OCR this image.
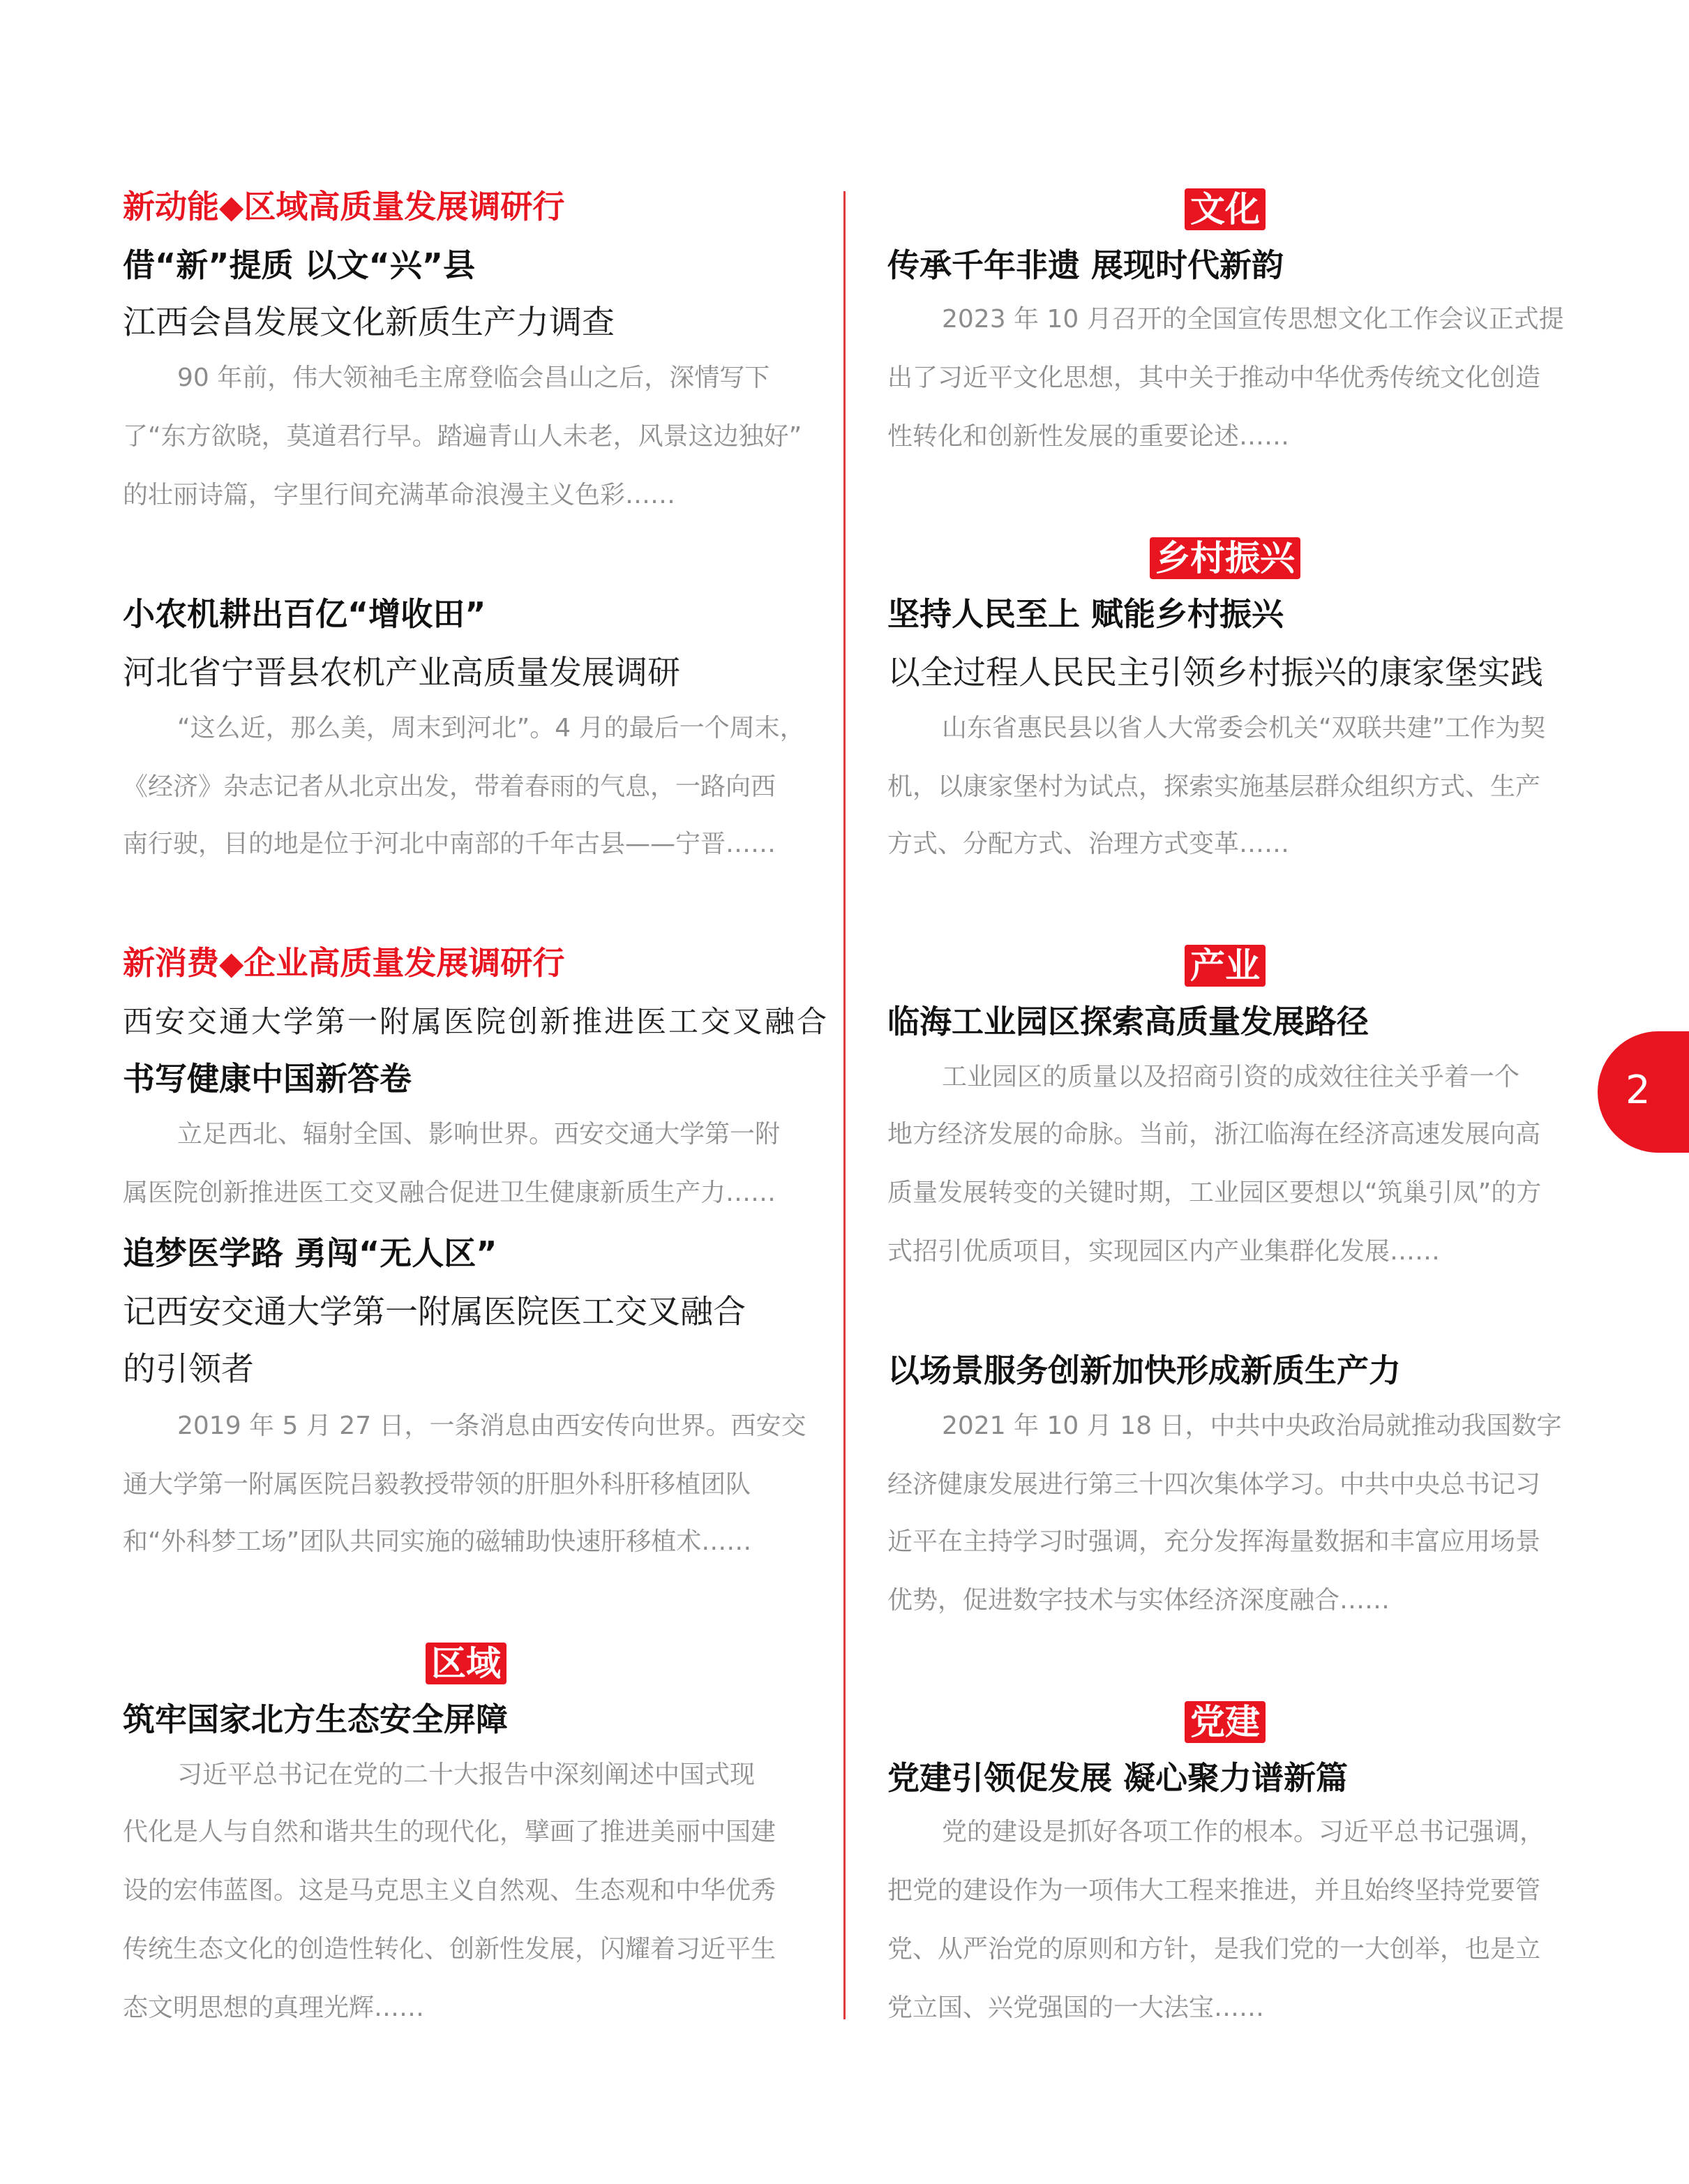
新动能◆区域高质量发展调研行
借“新”提质 以文“兴”县
江西会昌发展文化新质生产力调查
90 年前，伟大领袖毛主席登临会昌山之后，深情写下
了“东方欲晓，莫道君行早。踏遍青山人未老，风景这边独好”
的壮丽诗篇，字里行间充满革命浪漫主义色彩……
小农机耕出百亿“增收田”
河北省宁晋县农机产业高质量发展调研
“这么近，那么美，周末到河北”。4 月的最后一个周末，
《经济》杂志记者从北京出发，带着春雨的气息，一路向西
南行驶，目的地是位于河北中南部的千年古县——宁晋……
新消费◆企业高质量发展调研行
西安交通大学第一附属医院创新推进医工交叉融合
书写健康中国新答卷
立足西北、辐射全国、影响世界。西安交通大学第一附
属医院创新推进医工交叉融合促进卫生健康新质生产力……
追梦医学路 勇闯“无人区”
记西安交通大学第一附属医院医工交叉融合
的引领者
2019 年 5 月 27 日，一条消息由西安传向世界。西安交
通大学第一附属医院吕毅教授带领的肝胆外科肝移植团队
和“外科梦工场”团队共同实施的磁辅助快速肝移植术……
区域
筑牢国家北方生态安全屏障
习近平总书记在党的二十大报告中深刻阐述中国式现
代化是人与自然和谐共生的现代化，擘画了推进美丽中国建
设的宏伟蓝图。这是马克思主义自然观、生态观和中华优秀
传统生态文化的创造性转化、创新性发展，闪耀着习近平生
态文明思想的真理光辉……
文化
传承千年非遗 展现时代新韵
2023 年 10 月召开的全国宣传思想文化工作会议正式提
出了习近平文化思想，其中关于推动中华优秀传统文化创造
性转化和创新性发展的重要论述……
乡村振兴
坚持人民至上 赋能乡村振兴
以全过程人民民主引领乡村振兴的康家堡实践
山东省惠民县以省人大常委会机关“双联共建”工作为契
机，以康家堡村为试点，探索实施基层群众组织方式、生产
方式、分配方式、治理方式变革……
产业
临海工业园区探索高质量发展路径
工业园区的质量以及招商引资的成效往往关乎着一个
地方经济发展的命脉。当前，浙江临海在经济高速发展向高
质量发展转变的关键时期，工业园区要想以“筑巢引凤”的方
式招引优质项目，实现园区内产业集群化发展……
以场景服务创新加快形成新质生产力
2021 年 10 月 18 日，中共中央政治局就推动我国数字
经济健康发展进行第三十四次集体学习。中共中央总书记习
近平在主持学习时强调，充分发挥海量数据和丰富应用场景
优势，促进数字技术与实体经济深度融合……
党建
党建引领促发展 凝心聚力谱新篇
党的建设是抓好各项工作的根本。习近平总书记强调，
把党的建设作为一项伟大工程来推进，并且始终坚持党要管
党、从严治党的原则和方针，是我们党的一大创举，也是立
党立国、兴党强国的一大法宝……
2
